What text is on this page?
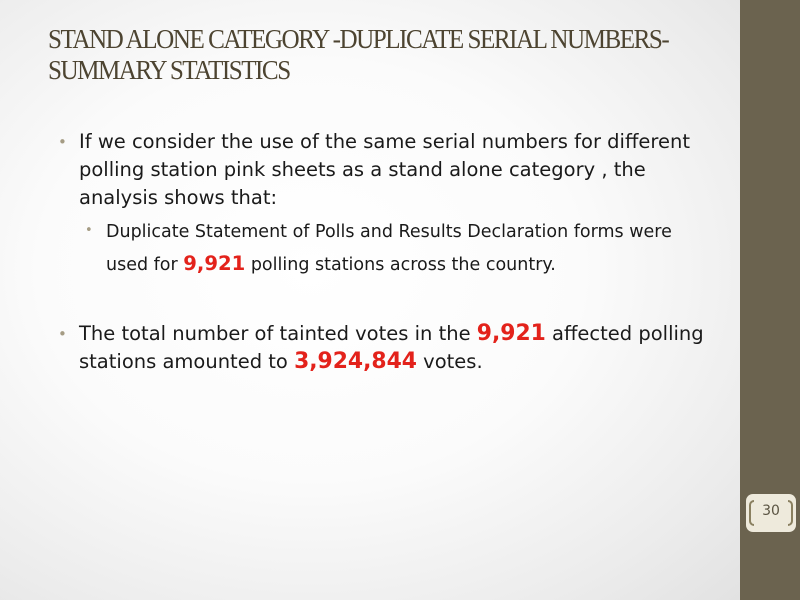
STAND ALONE CATEGORY -DUPLICATE SERIAL NUMBERS-
SUMMARY STATISTICS
• If we consider the use of the same serial numbers for different polling station pink sheets as a stand alone category , the analysis shows that:
• Duplicate Statement of Polls and Results Declaration forms were used for 9,921 polling stations across the country.
• The total number of tainted votes in the 9,921 affected polling stations amounted to 3,924,844 votes.
30
